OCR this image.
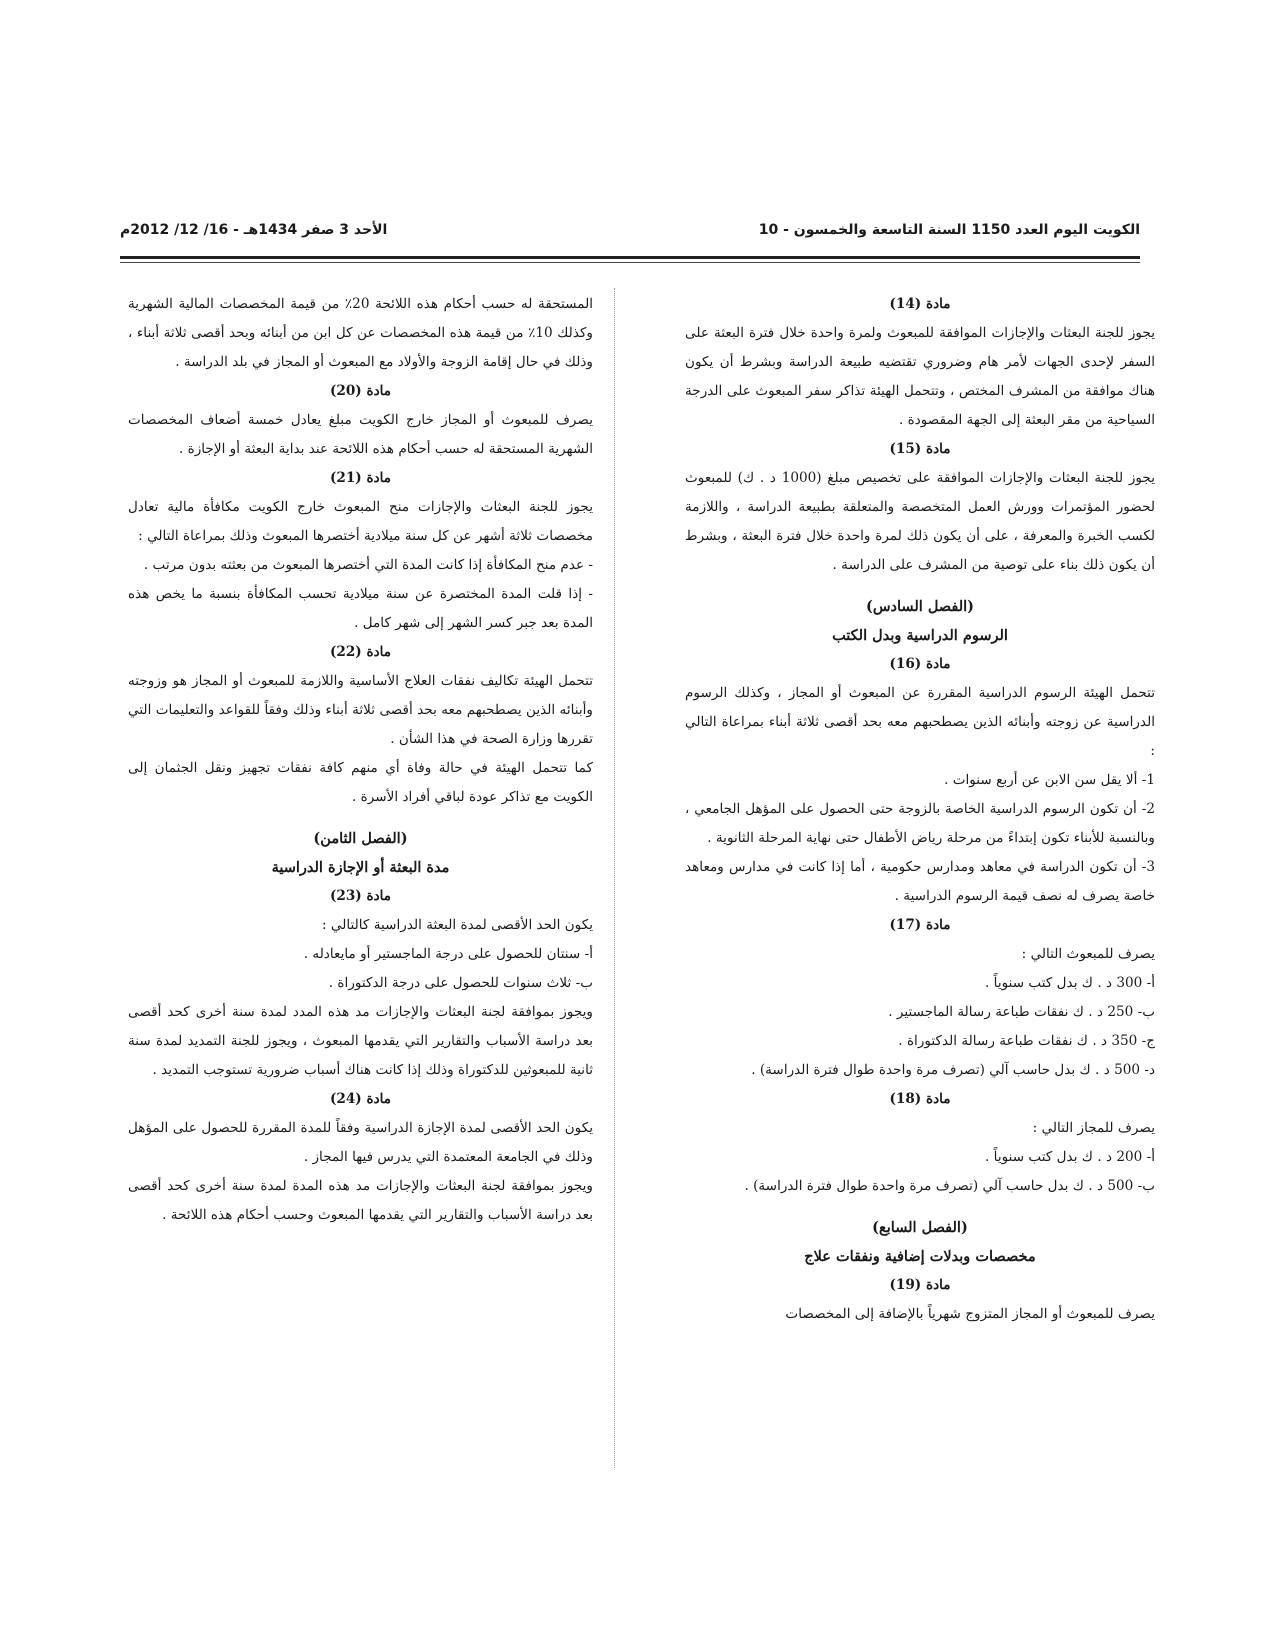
الكويت اليوم العدد 1150 السنة التاسعة والخمسون - 10
الأحد 3 صفر 1434هـ - 16/ 12/ 2012م

مادة (14)

يجوز للجنة البعثات والإجازات الموافقة للمبعوث ولمرة واحدة خلال فترة البعثة على السفر لإحدى الجهات لأمر هام وضروري تقتضيه طبيعة الدراسة وبشرط أن يكون هناك موافقة من المشرف المختص ، وتتحمل الهيئة تذاكر سفر المبعوث على الدرجة السياحية من مقر البعثة إلى الجهة المقصودة .

مادة (15)

يجوز للجنة البعثات والإجازات الموافقة على تخصيص مبلغ (1000 د . ك) للمبعوث لحضور المؤتمرات وورش العمل المتخصصة والمتعلقة بطبيعة الدراسة ، واللازمة لكسب الخبرة والمعرفة ، على أن يكون ذلك لمرة واحدة خلال فترة البعثة ، وبشرط أن يكون ذلك بناء على توصية من المشرف على الدراسة .

(الفصل السادس)

الرسوم الدراسية وبدل الكتب

مادة (16)

تتحمل الهيئة الرسوم الدراسية المقررة عن المبعوث أو المجاز ، وكذلك الرسوم الدراسية عن زوجته وأبنائه الذين يصطحبهم معه بحد أقصى ثلاثة أبناء بمراعاة التالي :

1- ألا يقل سن الابن عن أربع سنوات .

2- أن تكون الرسوم الدراسية الخاصة بالزوجة حتى الحصول على المؤهل الجامعي ، وبالنسبة للأبناء تكون إبتداءً من مرحلة رياض الأطفال حتى نهاية المرحلة الثانوية .

3- أن تكون الدراسة في معاهد ومدارس حكومية ، أما إذا كانت في مدارس ومعاهد خاصة يصرف له نصف قيمة الرسوم الدراسية .

مادة (17)

يصرف للمبعوث التالي :

أ- 300 د . ك بدل كتب سنوياً .

ب- 250 د . ك نفقات طباعة رسالة الماجستير .

ج- 350 د . ك نفقات طباعة رسالة الدكتوراة .

د- 500 د . ك بدل حاسب آلي (تصرف مرة واحدة طوال فترة الدراسة) .

مادة (18)

يصرف للمجاز التالي :

أ- 200 د . ك بدل كتب سنوياً .

ب- 500 د . ك بدل حاسب آلي (تصرف مرة واحدة طوال فترة الدراسة) .

(الفصل السابع)

مخصصات وبدلات إضافية ونفقات علاج

مادة (19)

يصرف للمبعوث أو المجاز المتزوج شهرياً بالإضافة إلى المخصصات

المستحقة له حسب أحكام هذه اللائحة 20٪ من قيمة المخصصات المالية الشهرية وكذلك 10٪ من قيمة هذه المخصصات عن كل ابن من أبنائه وبحد أقصى ثلاثة أبناء ، وذلك في حال إقامة الزوجة والأولاد مع المبعوث أو المجاز في بلد الدراسة .

مادة (20)

يصرف للمبعوث أو المجاز خارج الكويت مبلغ يعادل خمسة أضعاف المخصصات الشهرية المستحقة له حسب أحكام هذه اللائحة عند بداية البعثة أو الإجازة .

مادة (21)

يجوز للجنة البعثات والإجازات منح المبعوث خارج الكويت مكافأة مالية تعادل مخصصات ثلاثة أشهر عن كل سنة ميلادية أختصرها المبعوث وذلك بمراعاة التالي :

- عدم منح المكافأة إذا كانت المدة التي أختصرها المبعوث من بعثته بدون مرتب .

- إذا قلت المدة المختصرة عن سنة ميلادية تحسب المكافأة بنسبة ما يخص هذه المدة بعد جبر كسر الشهر إلى شهر كامل .

مادة (22)

تتحمل الهيئة تكاليف نفقات العلاج الأساسية واللازمة للمبعوث أو المجاز هو وزوجته وأبنائه الذين يصطحبهم معه بحد أقصى ثلاثة أبناء وذلك وفقاً للقواعد والتعليمات التي تقررها وزارة الصحة في هذا الشأن .

كما تتحمل الهيئة في حالة وفاة أي منهم كافة نفقات تجهيز ونقل الجثمان إلى الكويت مع تذاكر عودة لباقي أفراد الأسرة .

(الفصل الثامن)

مدة البعثة أو الإجازة الدراسية

مادة (23)

يكون الحد الأقصى لمدة البعثة الدراسية كالتالي :

أ- سنتان للحصول على درجة الماجستير أو مايعادله .

ب- ثلاث سنوات للحصول على درجة الدكتوراة .

ويجوز بموافقة لجنة البعثات والإجازات مد هذه المدد لمدة سنة أخرى كحد أقصى بعد دراسة الأسباب والتقارير التي يقدمها المبعوث ، ويجوز للجنة التمديد لمدة سنة ثانية للمبعوثين للدكتوراة وذلك إذا كانت هناك أسباب ضرورية تستوجب التمديد .

مادة (24)

يكون الحد الأقصى لمدة الإجازة الدراسية وفقاً للمدة المقررة للحصول على المؤهل وذلك في الجامعة المعتمدة التي يدرس فيها المجاز .

ويجوز بموافقة لجنة البعثات والإجازات مد هذه المدة لمدة سنة أخرى كحد أقصى بعد دراسة الأسباب والتقارير التي يقدمها المبعوث وحسب أحكام هذه اللائحة .
